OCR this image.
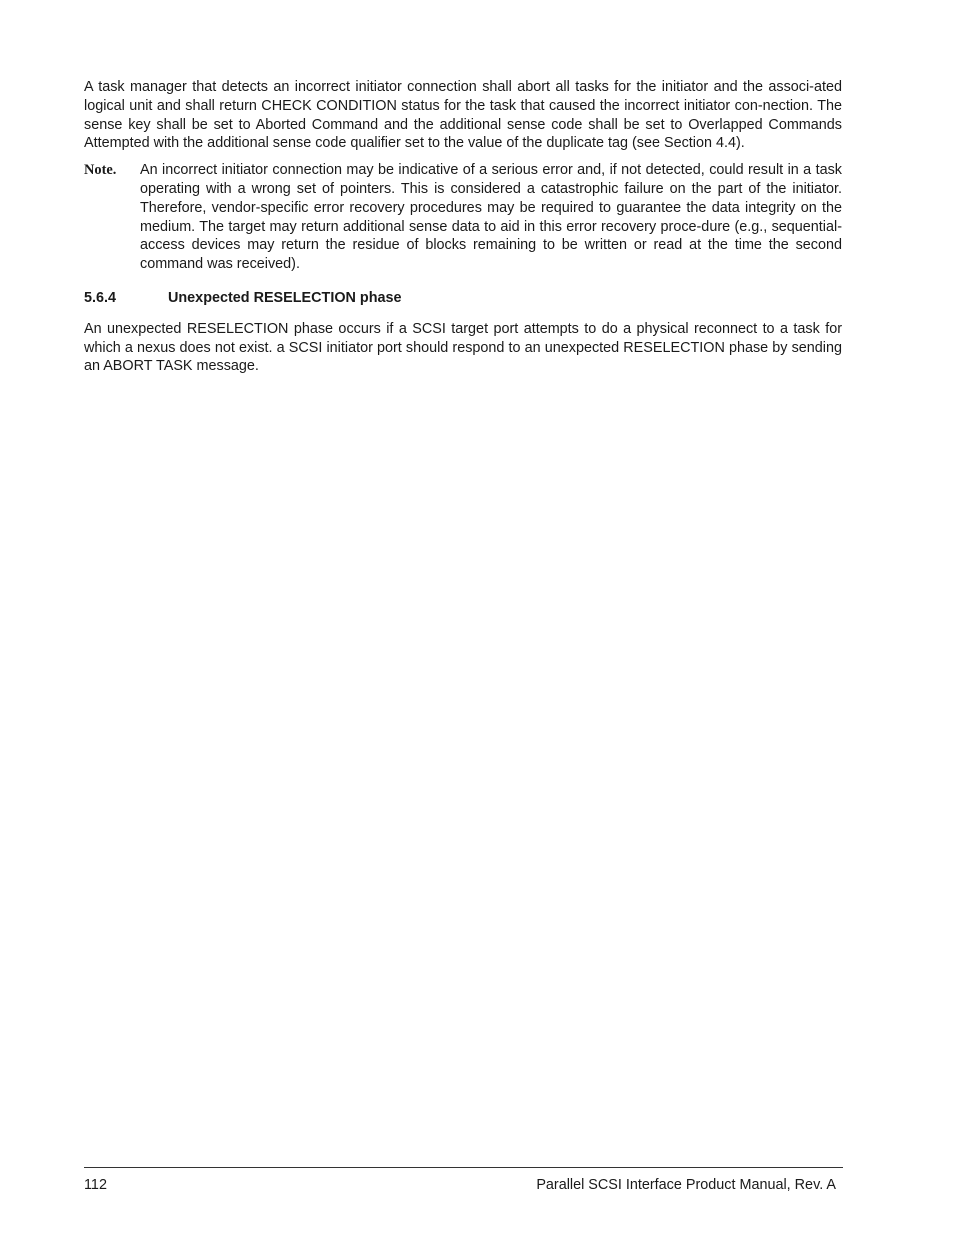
A task manager that detects an incorrect initiator connection shall abort all tasks for the initiator and the associ-ated logical unit and shall return CHECK CONDITION status for the task that caused the incorrect initiator con-nection. The sense key shall be set to Aborted Command and the additional sense code shall be set to Overlapped Commands Attempted with the additional sense code qualifier set to the value of the duplicate tag (see Section 4.4).

Note.	An incorrect initiator connection may be indicative of a serious error and, if not detected, could result in a task operating with a wrong set of pointers. This is considered a catastrophic failure on the part of the initiator. Therefore, vendor-specific error recovery procedures may be required to guarantee the data integrity on the medium. The target may return additional sense data to aid in this error recovery proce-dure (e.g., sequential-access devices may return the residue of blocks remaining to be written or read at the time the second command was received).
5.6.4	Unexpected RESELECTION phase

An unexpected RESELECTION phase occurs if a SCSI target port attempts to do a physical reconnect to a task for which a nexus does not exist. a SCSI initiator port should respond to an unexpected RESELECTION phase by sending an ABORT TASK message.

112	Parallel SCSI Interface Product Manual, Rev. A
